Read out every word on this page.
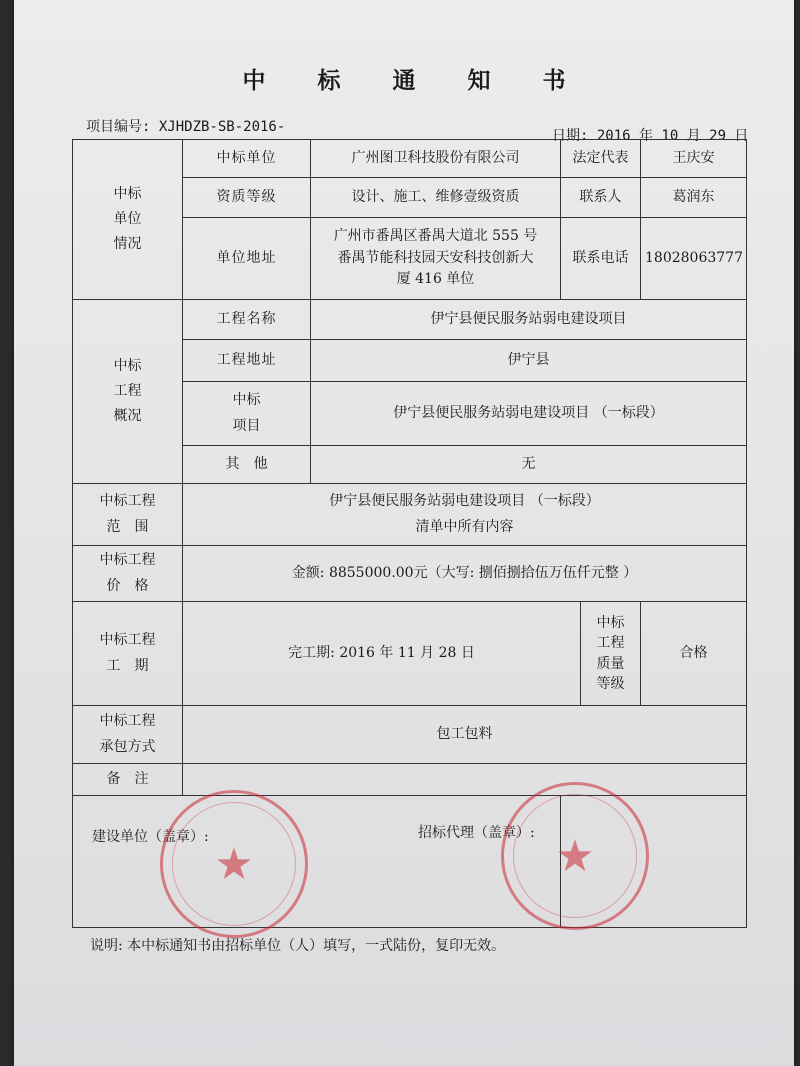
中 标 通 知 书
项目编号: XJHDZB-SB-2016-
日期: 2016 年 10 月 29 日
中标
单位
情况	中标单位	广州图卫科技股份有限公司	法定代表		王庆安
	资质等级	设计、施工、维修壹级资质	联系人		葛润东
	单位地址	广州市番禺区番禺大道北 555 号
番禺节能科技园天安科技创新大
厦 416 单位	联系电话		18028063777
中标
工程
概况	工程名称	伊宁县便民服务站弱电建设项目			
	工程地址	伊宁县			
	中标
项目	伊宁县便民服务站弱电建设项目 （一标段）			
	其　他	无			
中标工程
范　围	伊宁县便民服务站弱电建设项目 （一标段）
清单中所有内容				
中标工程
价　格	金额: 8855000.00元（大写: 捌佰捌拾伍万伍仟元整 ）				
中标工程
工　期	完工期: 2016 年 11 月 28 日			中标
工程
质量
等级	合格
中标工程
承包方式	包工包料				
备　注					

建设单位（盖章）:	招标代理（盖章）:
★	★
说明: 本中标通知书由招标单位（人）填写，一式陆份，复印无效。
